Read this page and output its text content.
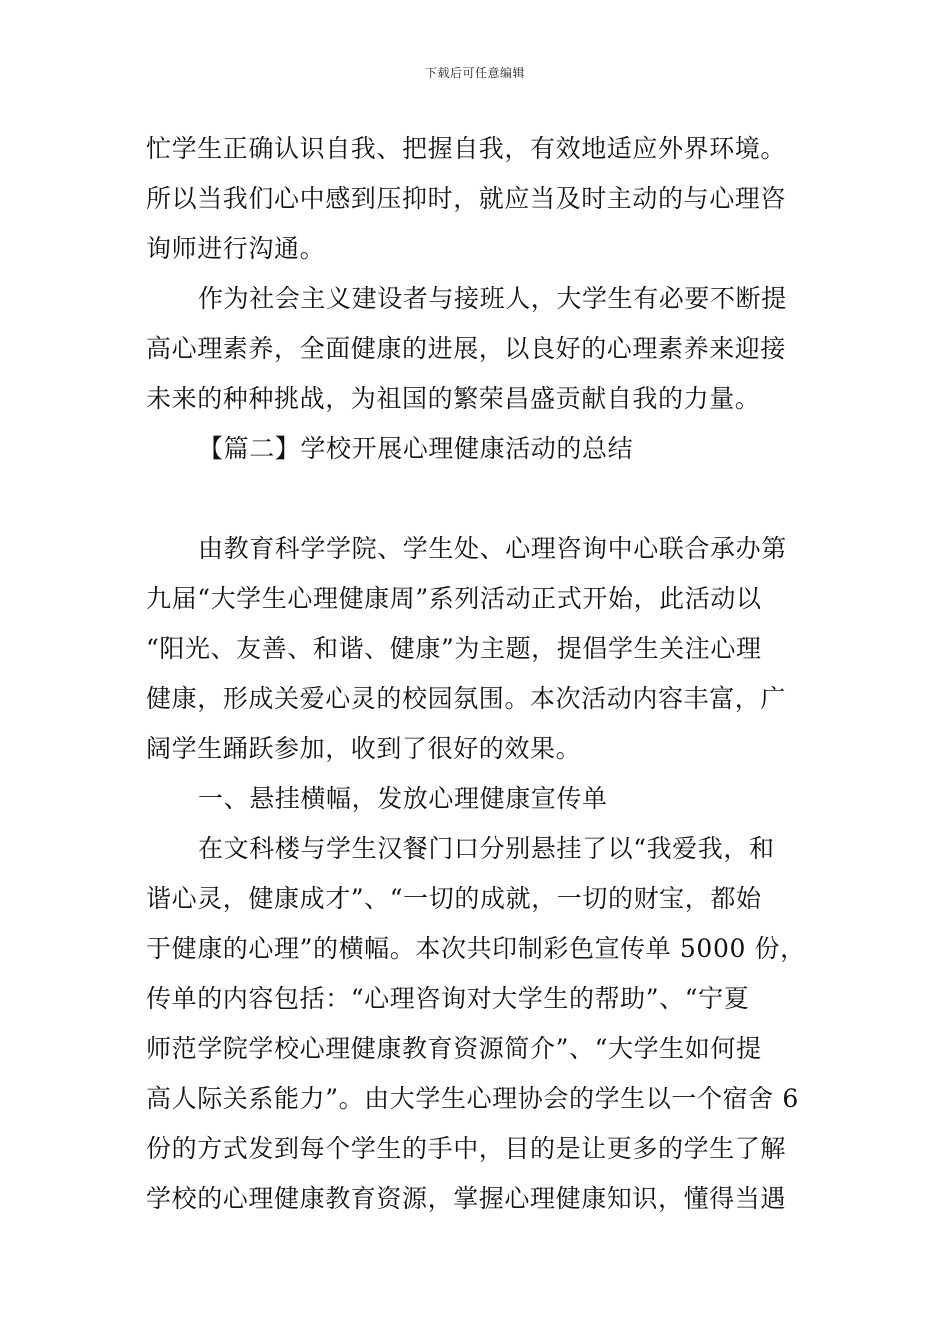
下载后可任意编辑
忙学生正确认识自我、把握自我，有效地适应外界环境。
所以当我们心中感到压抑时，就应当及时主动的与心理咨
询师进行沟通。
作为社会主义建设者与接班人，大学生有必要不断提
高心理素养，全面健康的进展，以良好的心理素养来迎接
未来的种种挑战，为祖国的繁荣昌盛贡献自我的力量。
【篇二】学校开展心理健康活动的总结
由教育科学学院、学生处、心理咨询中心联合承办第
九届“大学生心理健康周”系列活动正式开始，此活动以
“阳光、友善、和谐、健康”为主题，提倡学生关注心理
健康，形成关爱心灵的校园氛围。本次活动内容丰富，广
阔学生踊跃参加，收到了很好的效果。
一、悬挂横幅，发放心理健康宣传单
在文科楼与学生汉餐门口分别悬挂了以“我爱我，和
谐心灵，健康成才”、“一切的成就，一切的财宝，都始
于健康的心理”的横幅。本次共印制彩色宣传单 5000 份，
传单的内容包括：“心理咨询对大学生的帮助”、“宁夏
师范学院学校心理健康教育资源简介”、“大学生如何提
高人际关系能力”。由大学生心理协会的学生以一个宿舍 6
份的方式发到每个学生的手中，目的是让更多的学生了解
学校的心理健康教育资源，掌握心理健康知识，懂得当遇
